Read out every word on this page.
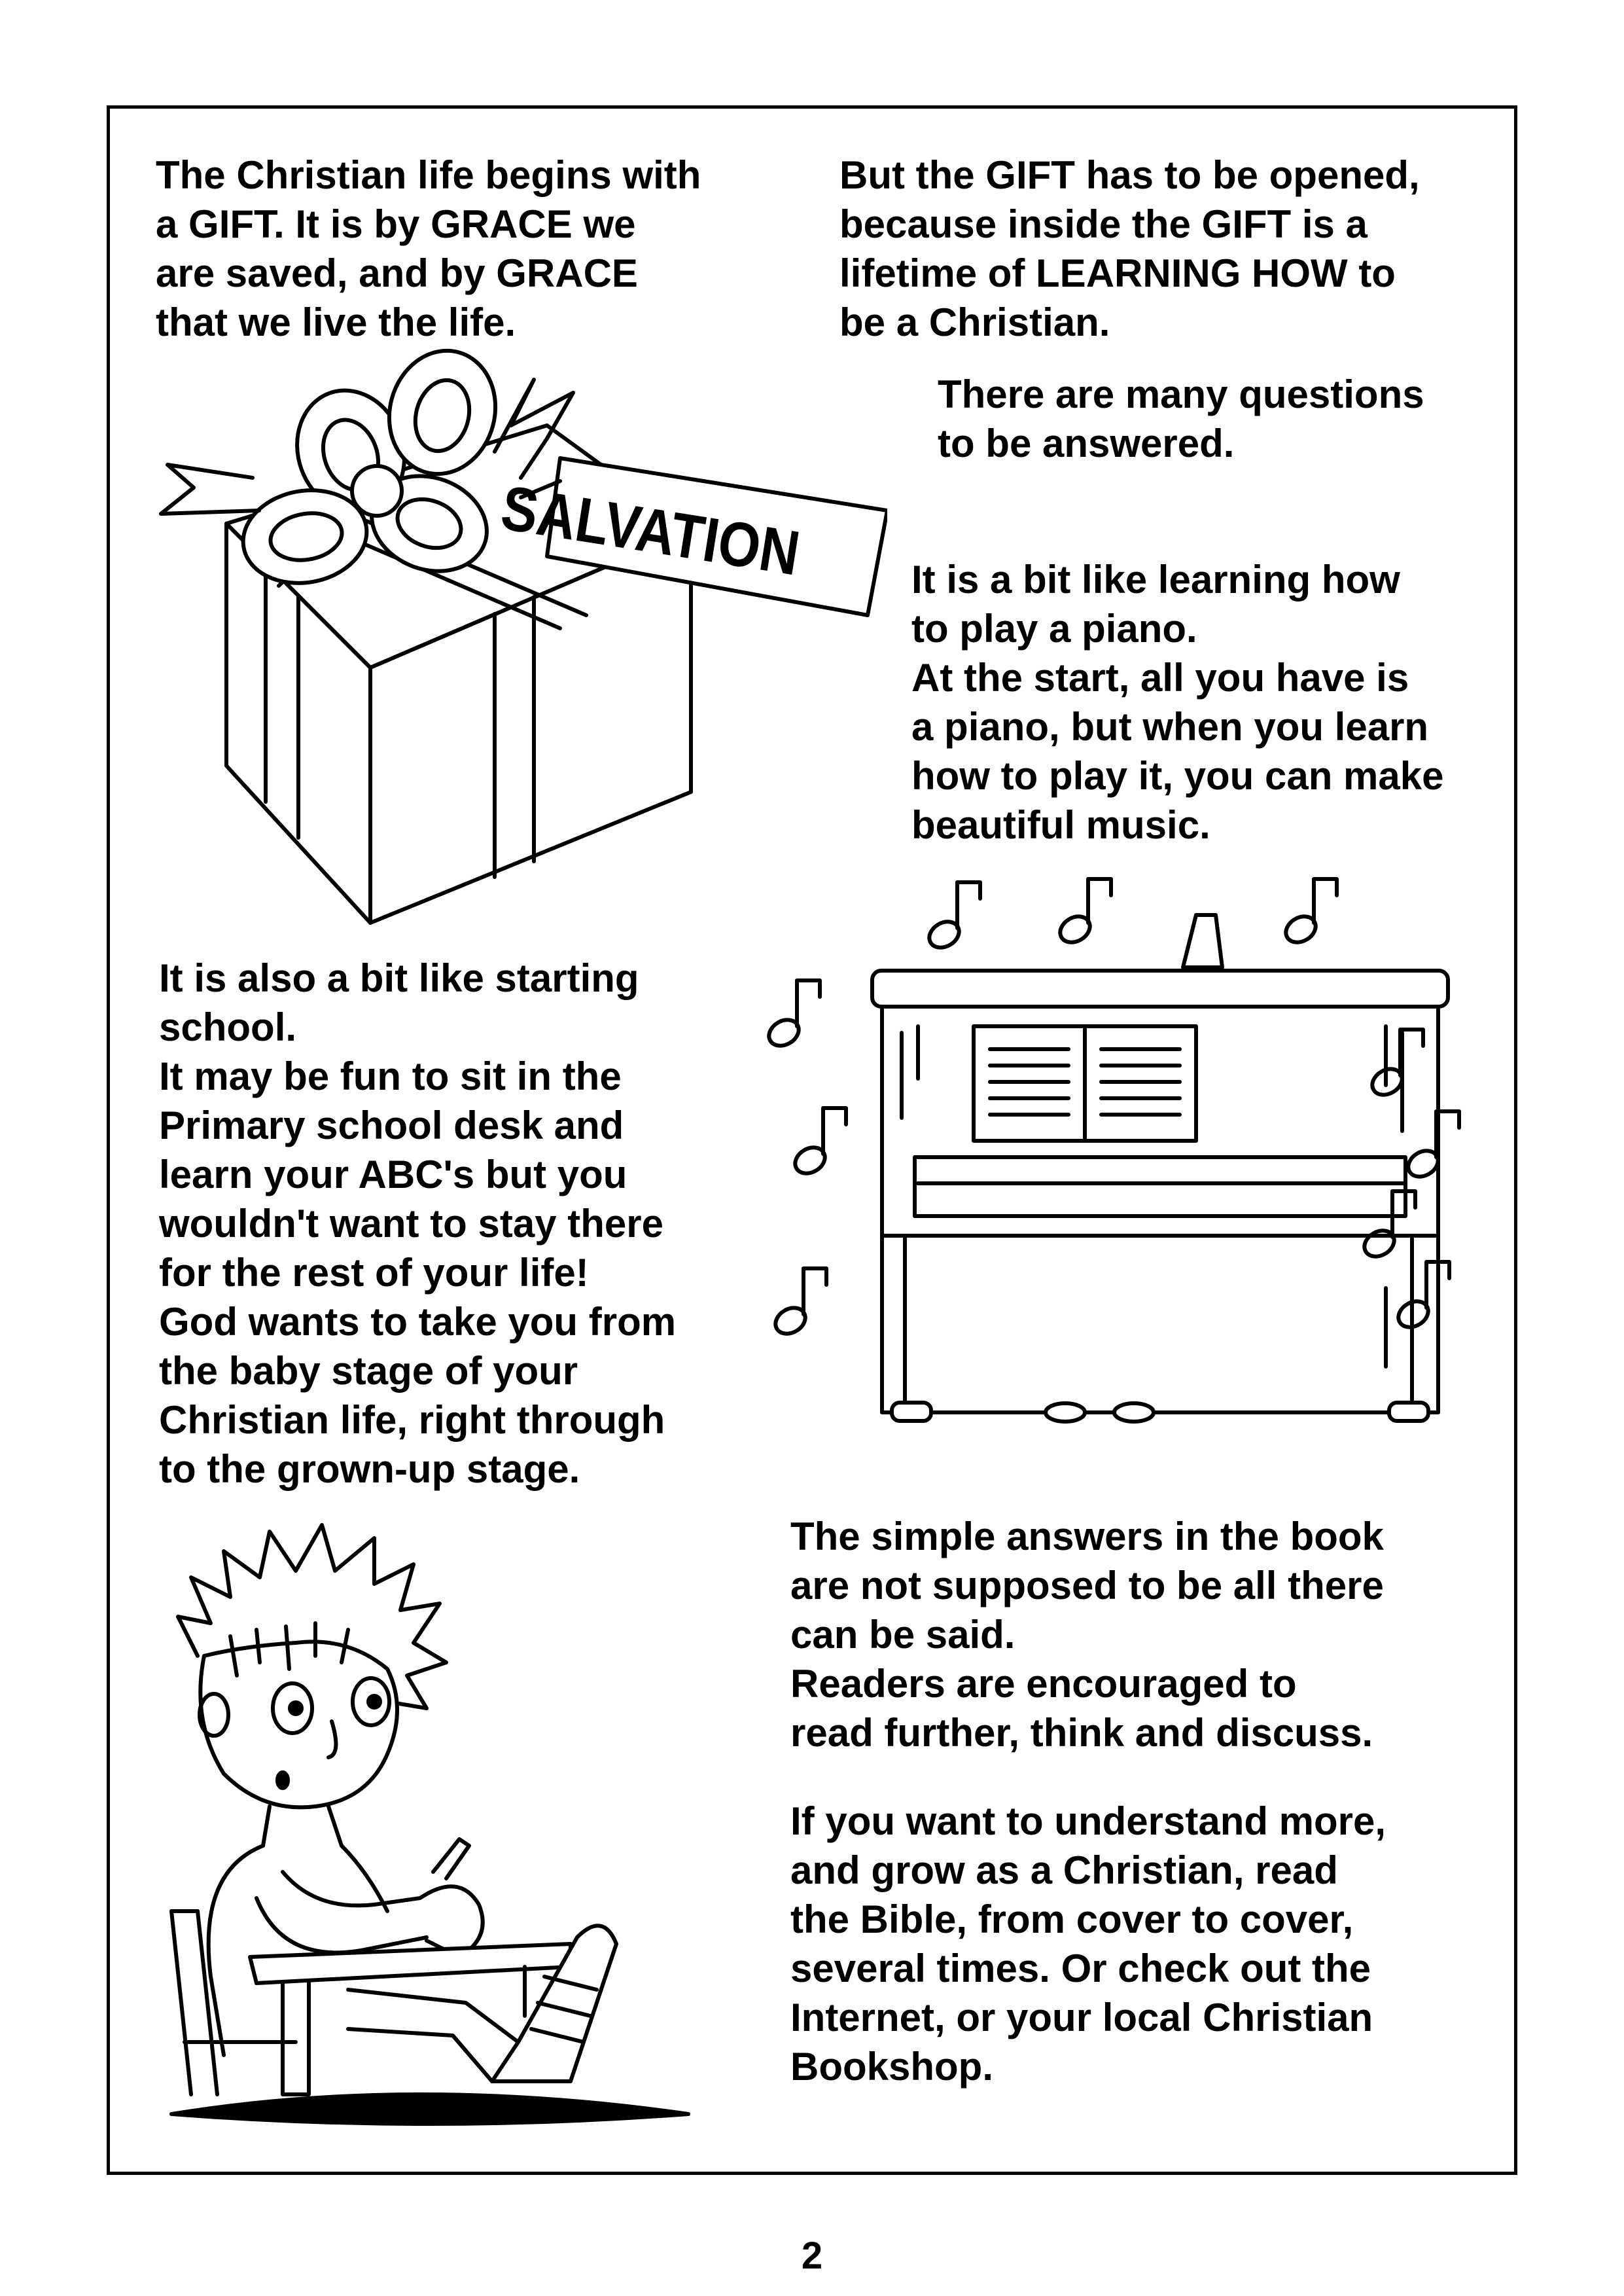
The Christian life begins with
a GIFT. It is by GRACE we
are saved, and by GRACE
that we live the life.

But the GIFT has to be opened,
because inside the GIFT is a
lifetime of LEARNING HOW to
be a Christian.

There are many questions
to be answered.

It is a bit like learning how
to play a piano.
At the start, all you have is
a piano, but when you learn
how to play it, you can make
beautiful music.

It is also a bit like starting
school.
It may be fun to sit in the
Primary school desk and
learn your ABC's but you
wouldn't want to stay there
for the rest of your life!
God wants to take you from
the baby stage of your
Christian life, right through
to the grown-up stage.

The simple answers in the book
are not supposed to be all there
can be said.
Readers are encouraged to
read further, think and discuss.

If you want to understand more,
and grow as a Christian, read
the Bible, from cover to cover,
several times. Or check out the
Internet, or your local Christian
Bookshop.

SALVATION
2
